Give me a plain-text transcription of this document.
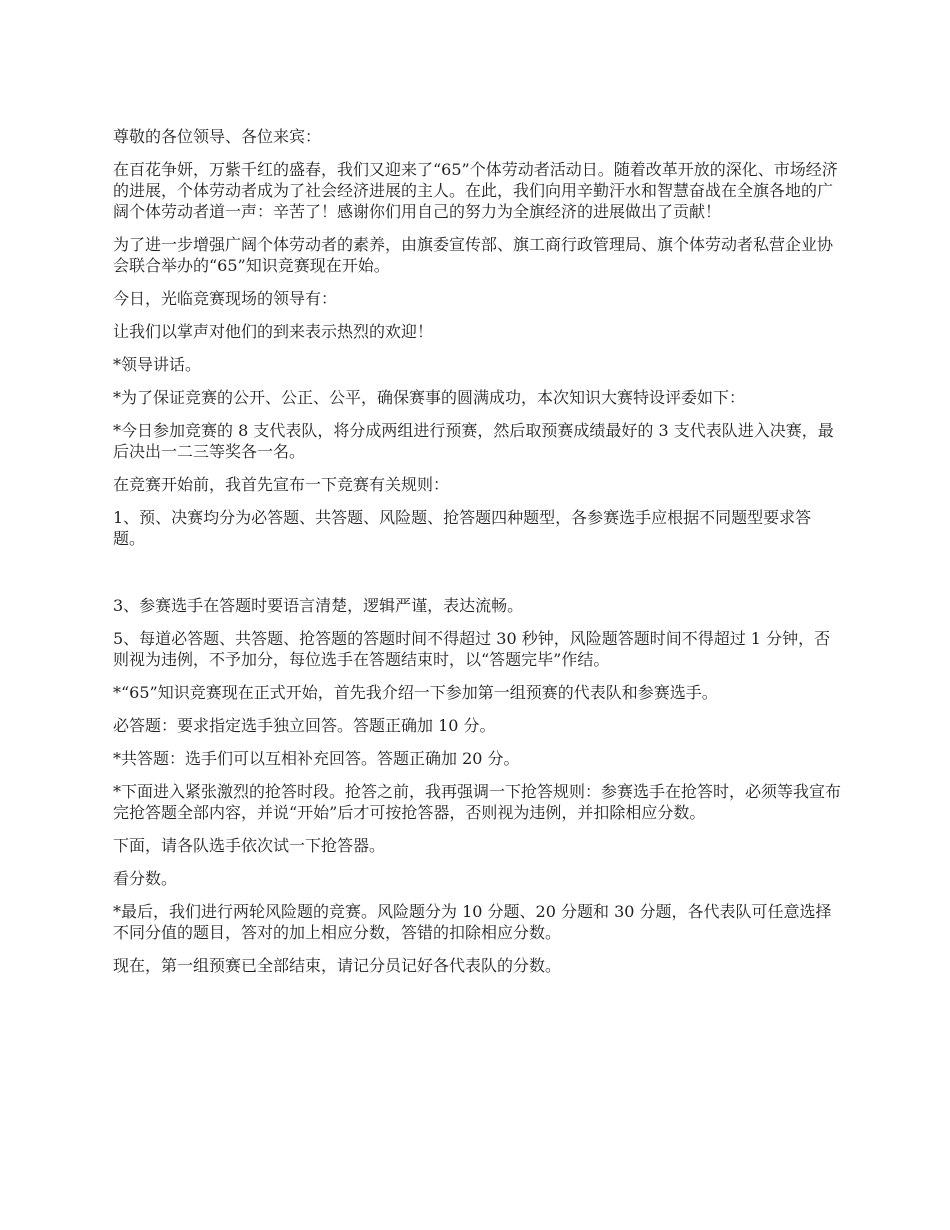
尊敬的各位领导、各位来宾：

在百花争妍，万紫千红的盛春，我们又迎来了“65”个体劳动者活动日。随着改革开放的深化、市场经济的进展，个体劳动者成为了社会经济进展的主人。在此，我们向用辛勤汗水和智慧奋战在全旗各地的广阔个体劳动者道一声：辛苦了！感谢你们用自己的努力为全旗经济的进展做出了贡献！

为了进一步增强广阔个体劳动者的素养，由旗委宣传部、旗工商行政管理局、旗个体劳动者私营企业协会联合举办的“65”知识竞赛现在开始。

今日，光临竞赛现场的领导有：

让我们以掌声对他们的到来表示热烈的欢迎！

*领导讲话。

*为了保证竞赛的公开、公正、公平，确保赛事的圆满成功，本次知识大赛特设评委如下：

*今日参加竞赛的 8 支代表队，将分成两组进行预赛，然后取预赛成绩最好的 3 支代表队进入决赛，最后决出一二三等奖各一名。

在竞赛开始前，我首先宣布一下竞赛有关规则：

1、预、决赛均分为必答题、共答题、风险题、抢答题四种题型，各参赛选手应根据不同题型要求答题。

3、参赛选手在答题时要语言清楚，逻辑严谨，表达流畅。

5、每道必答题、共答题、抢答题的答题时间不得超过 30 秒钟，风险题答题时间不得超过 1 分钟，否则视为违例，不予加分，每位选手在答题结束时，以“答题完毕”作结。

*“65”知识竞赛现在正式开始，首先我介绍一下参加第一组预赛的代表队和参赛选手。

必答题：要求指定选手独立回答。答题正确加 10 分。

*共答题：选手们可以互相补充回答。答题正确加 20 分。

*下面进入紧张激烈的抢答时段。抢答之前，我再强调一下抢答规则：参赛选手在抢答时，必须等我宣布完抢答题全部内容，并说“开始”后才可按抢答器，否则视为违例，并扣除相应分数。

下面，请各队选手依次试一下抢答器。

看分数。

*最后，我们进行两轮风险题的竞赛。风险题分为 10 分题、20 分题和 30 分题，各代表队可任意选择不同分值的题目，答对的加上相应分数，答错的扣除相应分数。

现在，第一组预赛已全部结束，请记分员记好各代表队的分数。
